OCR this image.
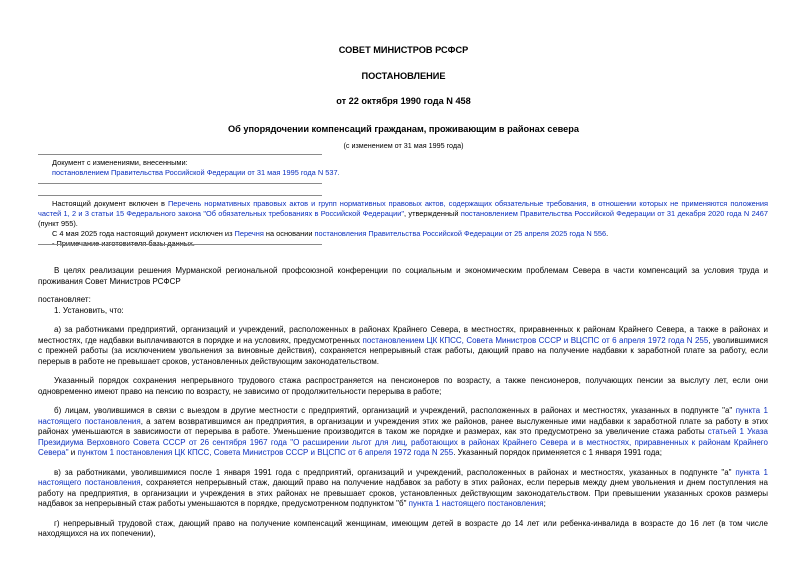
СОВЕТ МИНИСТРОВ РСФСР
ПОСТАНОВЛЕНИЕ
от 22 октября 1990 года N 458
Об упорядочении компенсаций гражданам, проживающим в районах севера
(с изменением от 31 мая 1995 года)

Документ с изменениями, внесенными:

постановлением Правительства Российской Федерации от 31 мая 1995 года N 537.

Настоящий документ включен в Перечень нормативных правовых актов и групп нормативных правовых актов, содержащих обязательные требования, в отношении которых не применяются положения частей 1, 2 и 3 статьи 15 Федерального закона "Об обязательных требованиях в Российской Федерации", утвержденный постановлением Правительства Российской Федерации от 31 декабря 2020 года N 2467 (пункт 955).

С 4 мая 2025 года настоящий документ исключен из Перечня на основании постановления Правительства Российской Федерации от 25 апреля 2025 года N 556.

- Примечание изготовителя базы данных.

В целях реализации решения Мурманской региональной профсоюзной конференции по социальным и экономическим проблемам Севера в части компенсаций за условия труда и проживания Совет Министров РСФСР

постановляет:

1. Установить, что:

а) за работниками предприятий, организаций и учреждений, расположенных в районах Крайнего Севера, в местностях, приравненных к районам Крайнего Севера, а также в районах и местностях, где надбавки выплачиваются в порядке и на условиях, предусмотренных постановлением ЦК КПСС, Совета Министров СССР и ВЦСПС от 6 апреля 1972 года N 255, уволившимися с прежней работы (за исключением увольнения за виновные действия), сохраняется непрерывный стаж работы, дающий право на получение надбавки к заработной плате за работу, если перерыв в работе не превышает сроков, установленных действующим законодательством.

Указанный порядок сохранения непрерывного трудового стажа распространяется на пенсионеров по возрасту, а также пенсионеров, получающих пенсии за выслугу лет, если они одновременно имеют право на пенсию по возрасту, не зависимо от продолжительности перерыва в работе;

б) лицам, уволившимся в связи с выездом в другие местности с предприятий, организаций и учреждений, расположенных в районах и местностях, указанных в подпункте "а" пункта 1 настоящего постановления, а затем возвратившимся ан предприятия, в организации и учреждения этих же районов, ранее выслуженные ими надбавки к заработной плате за работу в этих районах уменьшаются в зависимости от перерыва в работе. Уменьшение производится в таком же порядке и размерах, как это предусмотрено за увеличение стажа работы статьей 1 Указа Президиума Верховного Совета СССР от 26 сентября 1967 года "О расширении льгот для лиц, работающих в районах Крайнего Севера и в местностях, приравненных к районам Крайнего Севера" и пунктом 1 постановления ЦК КПСС, Совета Министров СССР и ВЦСПС от 6 апреля 1972 года N 255. Указанный порядок применяется с 1 января 1991 года;

в) за работниками, уволившимися после 1 января 1991 года с предприятий, организаций и учреждений, расположенных в районах и местностях, указанных в подпункте "а" пункта 1 настоящего постановления, сохраняется непрерывный стаж, дающий право на получение надбавок за работу в этих районах, если перерыв между днем увольнения и днем поступления на работу на предприятия, в организации и учреждения в этих районах не превышает сроков, установленных действующим законодательством. При превышении указанных сроков размеры надбавок за непрерывный стаж работы уменьшаются в порядке, предусмотренном подпунктом "б" пункта 1 настоящего постановления;

г) непрерывный трудовой стаж, дающий право на получение компенсаций женщинам, имеющим детей в возрасте до 14 лет или ребенка-инвалида в возрасте до 16 лет (в том числе находящихся на их попечении),
